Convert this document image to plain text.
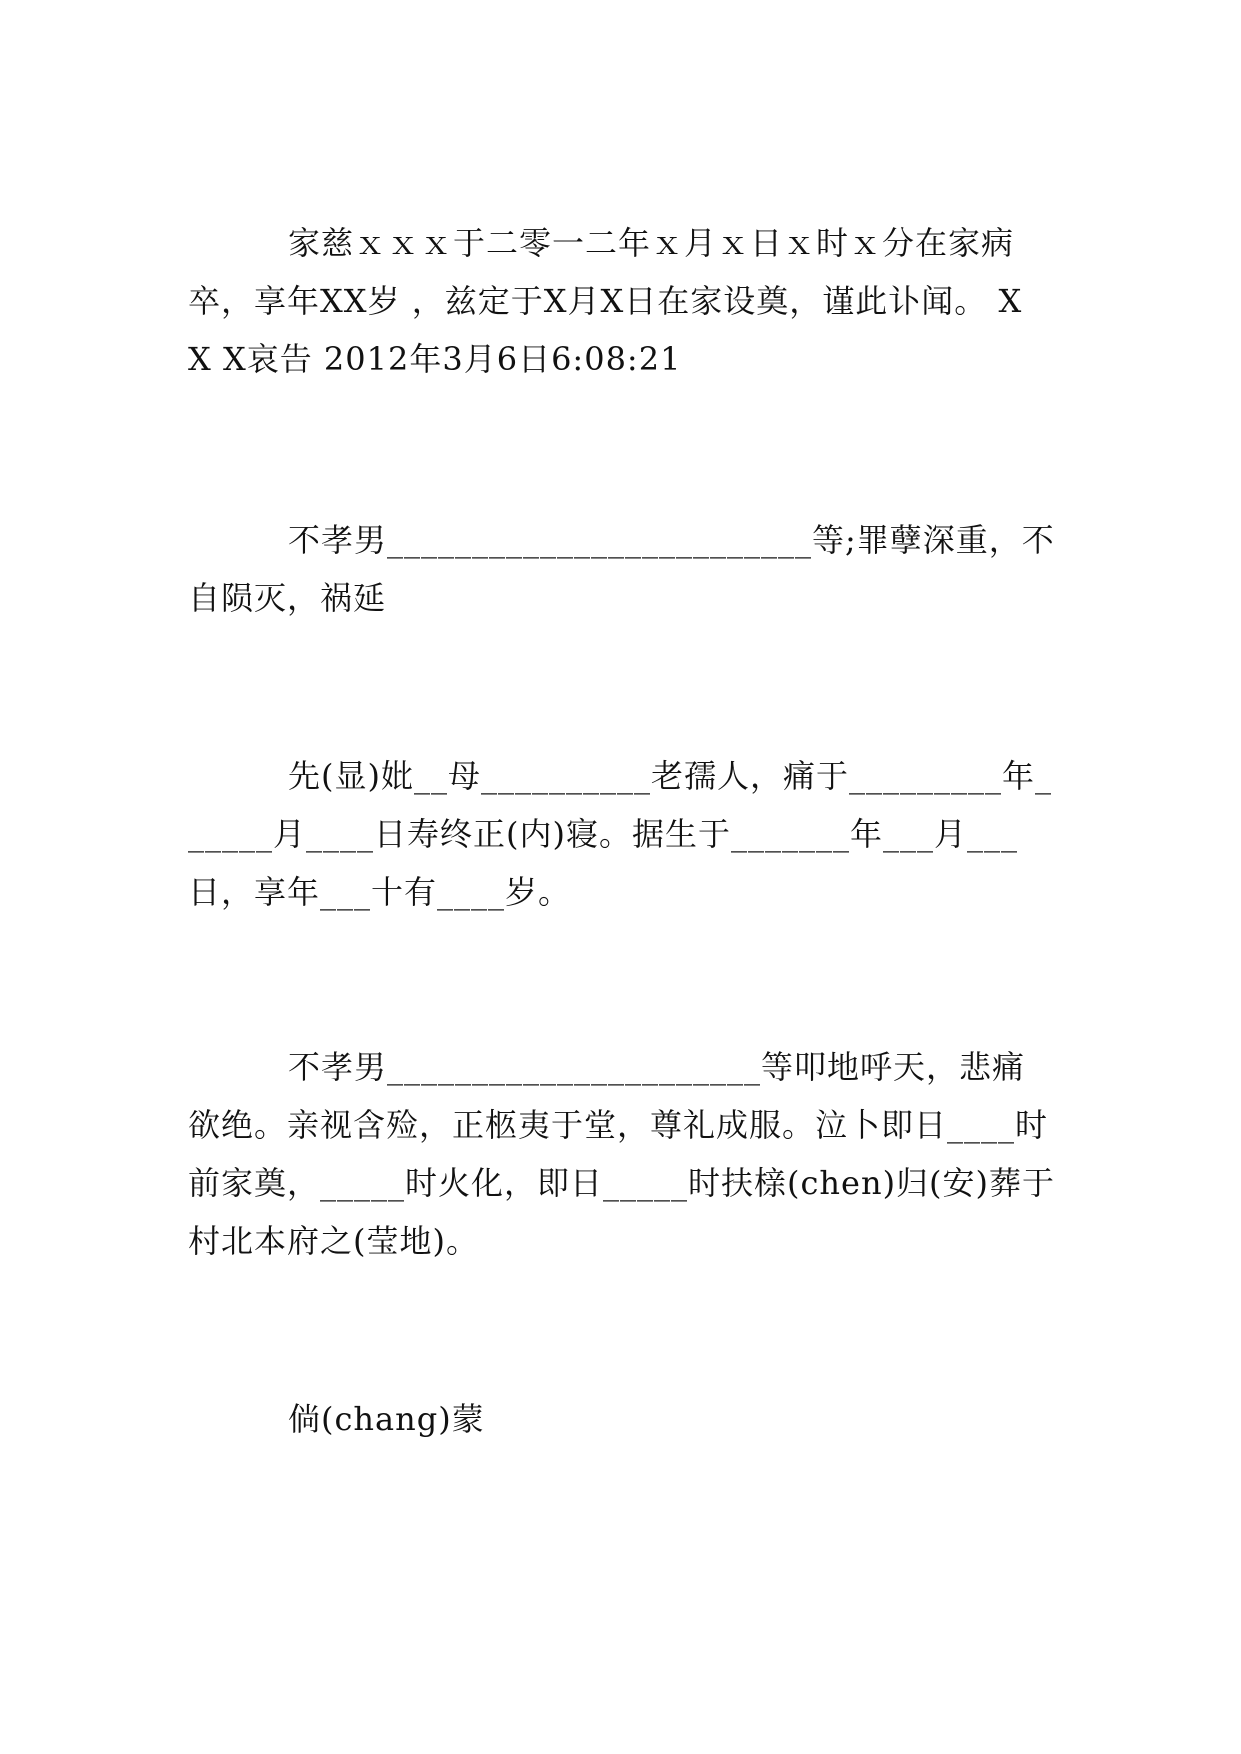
家慈ｘｘｘ于二零一二年ｘ月ｘ日ｘ时ｘ分在家病卒，享年XX岁 ，兹定于X月X日在家设奠，谨此讣闻。 X X X哀告 2012年3月6日6:08:21

不孝男_________________________等;罪孽深重，不自陨灭，祸延

先(显)妣__母__________老孺人，痛于_________年______月____日寿终正(内)寝。据生于_______年___月___日，享年___十有____岁。

不孝男______________________等叩地呼天，悲痛欲绝。亲视含殓，正柩夷于堂，尊礼成服。泣卜即日____时前家奠，_____时火化，即日_____时扶榇(chen)归(安)葬于村北本府之(莹地)。

倘(chang)蒙
